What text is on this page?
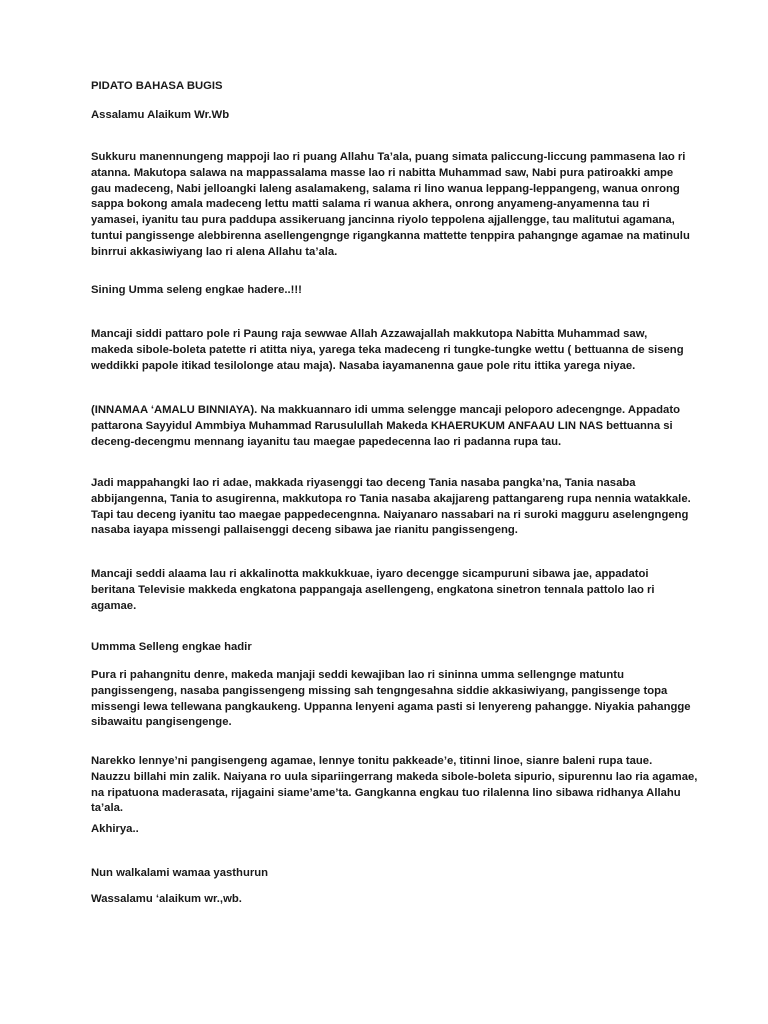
PIDATO BAHASA BUGIS

Assalamu Alaikum Wr.Wb

Sukkuru manennungeng mappoji lao ri puang Allahu Ta’ala, puang simata paliccung-liccung pammasena lao ri
atanna. Makutopa salawa na mappassalama masse lao ri nabitta Muhammad saw, Nabi pura patiroakki ampe
gau madeceng, Nabi jelloangki laleng asalamakeng, salama ri lino wanua leppang-leppangeng, wanua onrong
sappa bokong amala madeceng lettu matti salama ri wanua akhera, onrong anyameng-anyamenna tau ri
yamasei, iyanitu tau pura paddupa assikeruang jancinna riyolo teppolena ajjallengge, tau malitutui agamana,
tuntui pangissenge alebbirenna asellengengnge rigangkanna mattette tenppira pahangnge agamae na matinulu
binrrui akkasiwiyang lao ri alena Allahu ta’ala.

Sining Umma seleng engkae hadere..!!!

Mancaji siddi pattaro pole ri Paung raja sewwae Allah Azzawajallah makkutopa Nabitta Muhammad saw,
makeda sibole-boleta patette ri atitta niya, yarega teka madeceng ri tungke-tungke wettu ( bettuanna de siseng
weddikki papole itikad tesilolonge atau maja). Nasaba iayamanenna gaue pole ritu ittika yarega niyae.
(INNAMAA ‘AMALU BINNIAYA). Na makkuannaro idi umma selengge mancaji peloporo adecengnge. Appadato
pattarona Sayyidul Ammbiya Muhammad Rarusulullah Makeda KHAERUKUM ANFAAU LIN NAS bettuanna si
deceng-decengmu mennang iayanitu tau maegae papedecenna lao ri padanna rupa tau.
Jadi mappahangki lao ri adae, makkada riyasenggi tao deceng Tania nasaba pangka’na, Tania nasaba
abbijangenna, Tania to asugirenna, makkutopa ro Tania nasaba akajjareng pattangareng rupa nennia watakkale.
Tapi tau deceng iyanitu tao maegae pappedecengnna. Naiyanaro nassabari na ri suroki magguru aselengngeng
nasaba iayapa missengi pallaisenggi deceng sibawa jae rianitu pangissengeng.
Mancaji seddi alaama lau ri akkalinotta makkukkuae, iyaro decengge sicampuruni sibawa jae, appadatoi
beritana Televisie makkeda engkatona pappangaja asellengeng, engkatona sinetron tennala pattolo lao ri
agamae.

Ummma Selleng engkae hadir

Pura ri pahangnitu denre, makeda manjaji seddi kewajiban lao ri sininna umma sellengnge matuntu
pangissengeng, nasaba pangissengeng missing sah tengngesahna siddie akkasiwiyang, pangissenge topa
missengi lewa tellewana pangkaukeng. Uppanna lenyeni agama pasti si lenyereng pahangge. Niyakia pahangge
sibawaitu pangisengenge.
Narekko lennye’ni pangisengeng agamae, lennye tonitu pakkeade’e, titinni linoe, sianre baleni rupa taue.
Nauzzu billahi min zalik. Naiyana ro uula sipariingerrang makeda sibole-boleta sipurio, sipurennu lao ria agamae,
na ripatuona maderasata, rijagaini siame’ame’ta. Gangkanna engkau tuo rilalenna lino sibawa ridhanya Allahu
ta’ala.

Akhirya..

Nun walkalami wamaa yasthurun

Wassalamu ‘alaikum wr.,wb.
